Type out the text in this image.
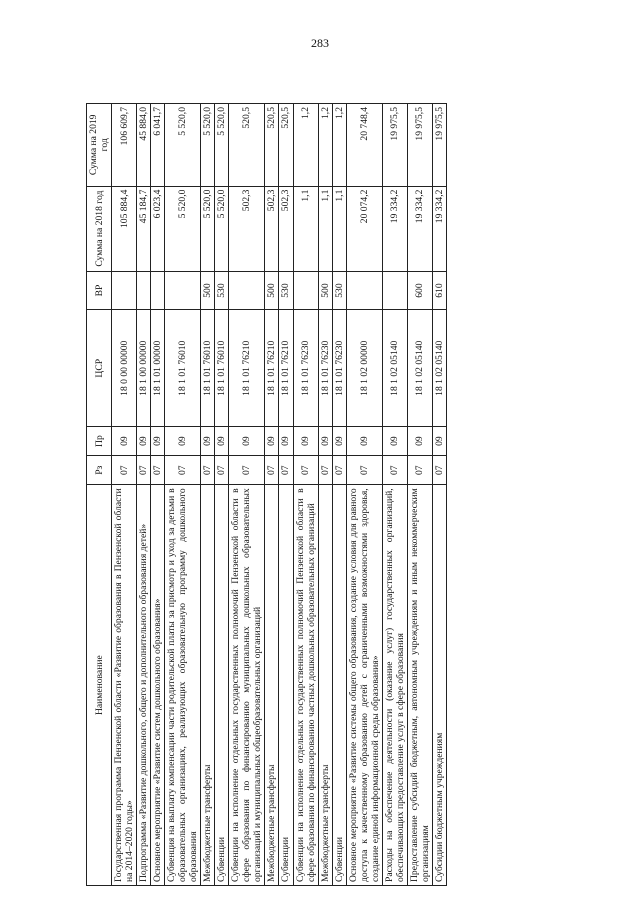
283
Наименование	Рз	Пр	ЦСР	ВР	Сумма на 2018 год	Сумма на 2019 год
Государственная программа Пензенской области «Развитие образования в Пензенской области на 2014–2020 годы»	07	09	18 0 00 00000		105 884,4	106 609,7
Подпрограмма «Развитие дошкольного, общего и дополнительного образования детей»	07	09	18 1 00 00000		45 184,7	45 884,0
Основное мероприятие «Развитие систем дошкольного образования»	07	09	18 1 01 00000		6 023,4	6 041,7
Субвенция на выплату компенсации части родительской платы за присмотр и уход за детьми в образовательных организациях, реализующих образовательную программу дошкольного образования	07	09	18 1 01 76010		5 520,0	5 520,0
Межбюджетные трансферты	07	09	18 1 01 76010	500	5 520,0	5 520,0
Субвенции	07	09	18 1 01 76010	530	5 520,0	5 520,0
Субвенции на исполнение отдельных государственных полномочий Пензенской области в сфере образования по финансированию муниципальных дошкольных образовательных организаций и муниципальных общеобразовательных организаций	07	09	18 1 01 76210		502,3	520,5
Межбюджетные трансферты	07	09	18 1 01 76210	500	502,3	520,5
Субвенции	07	09	18 1 01 76210	530	502,3	520,5
Субвенции на исполнение отдельных государственных полномочий Пензенской области в сфере образования по финансированию частных дошкольных образовательных организаций	07	09	18 1 01 76230		1,1	1,2
Межбюджетные трансферты	07	09	18 1 01 76230	500	1,1	1,2
Субвенции	07	09	18 1 01 76230	530	1,1	1,2
Основное мероприятие «Развитие системы общего образования, создание условия для равного доступа к качественному образованию детей с ограниченными возможностями здоровья, создание единой информационной среды образования»	07	09	18 1 02 00000		20 074,2	20 748,4
Расходы на обеспечение деятельности (оказание услуг) государственных организаций, обеспечивающих предоставление услуг в сфере образования	07	09	18 1 02 05140		19 334,2	19 975,5
Предоставление субсидий бюджетным, автономным учреждениям и иным некоммерческим организациям	07	09	18 1 02 05140	600	19 334,2	19 975,5
Субсидии бюджетным учреждениям	07	09	18 1 02 05140	610	19 334,2	19 975,5
